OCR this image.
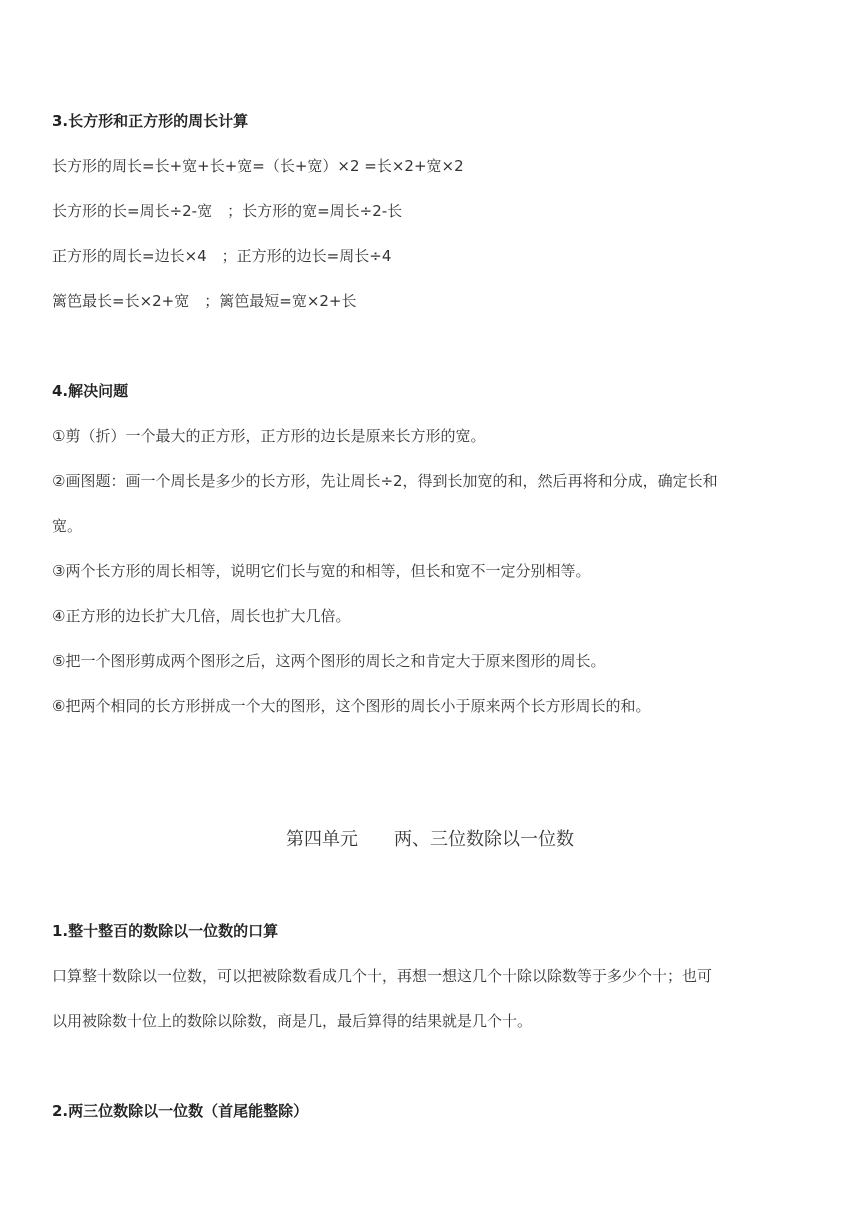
3.长方形和正方形的周长计算
长方形的周长=长+宽+长+宽=（长+宽）×2 =长×2+宽×2
长方形的长=周长÷2-宽　；长方形的宽=周长÷2-长
正方形的周长=边长×4　；正方形的边长=周长÷4
篱笆最长=长×2+宽　；篱笆最短=宽×2+长
4.解决问题
①剪（折）一个最大的正方形，正方形的边长是原来长方形的宽。
②画图题：画一个周长是多少的长方形，先让周长÷2，得到长加宽的和，然后再将和分成，确定长和
宽。
③两个长方形的周长相等，说明它们长与宽的和相等，但长和宽不一定分别相等。
④正方形的边长扩大几倍，周长也扩大几倍。
⑤把一个图形剪成两个图形之后，这两个图形的周长之和肯定大于原来图形的周长。
⑥把两个相同的长方形拼成一个大的图形，这个图形的周长小于原来两个长方形周长的和。
第四单元　　两、三位数除以一位数
1.整十整百的数除以一位数的口算
口算整十数除以一位数，可以把被除数看成几个十，再想一想这几个十除以除数等于多少个十；也可
以用被除数十位上的数除以除数，商是几，最后算得的结果就是几个十。
2.两三位数除以一位数（首尾能整除）
